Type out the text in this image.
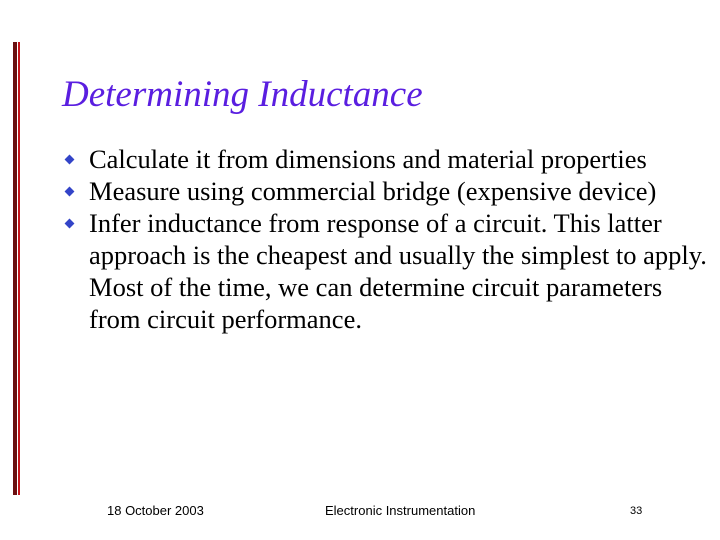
Determining Inductance
Calculate it from dimensions and material properties
Measure using commercial bridge (expensive device)
Infer inductance from response of a circuit. This latter approach is the cheapest and usually the simplest to apply. Most of the time, we can determine circuit parameters from circuit performance.
18 October 2003	Electronic Instrumentation	33
